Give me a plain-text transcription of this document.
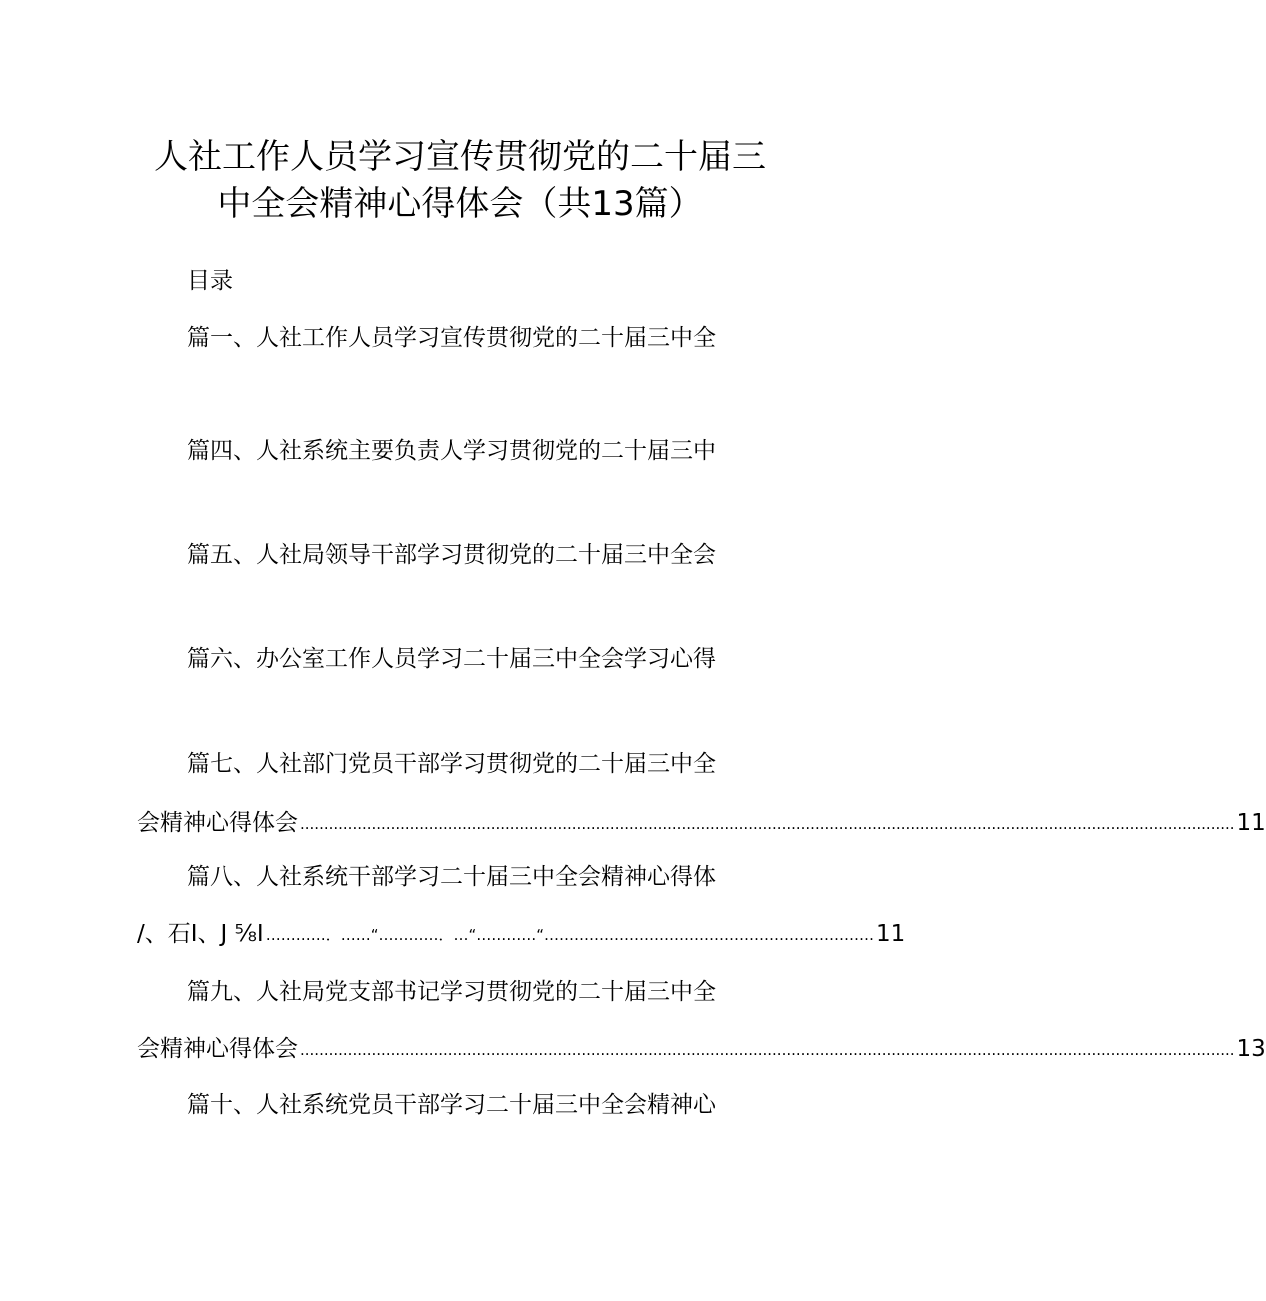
人社工作人员学习宣传贯彻党的二十届三
中全会精神心得体会（共13篇）
目录
篇一、人社工作人员学习宣传贯彻党的二十届三中全
篇四、人社系统主要负责人学习贯彻党的二十届三中
篇五、人社局领导干部学习贯彻党的二十届三中全会
篇六、办公室工作人员学习二十届三中全会学习心得
篇七、人社部门党员干部学习贯彻党的二十届三中全
会精神心得体会 .................................................................................................................................................................................................... 11
篇八、人社系统干部学习二十届三中全会精神心得体
/、石I、J ⅝I …………．……“…………．…“…………“………………………………………………………… 11
篇九、人社局党支部书记学习贯彻党的二十届三中全
会精神心得体会 .................................................................................................................................................................................................... 13
篇十、人社系统党员干部学习二十届三中全会精神心
